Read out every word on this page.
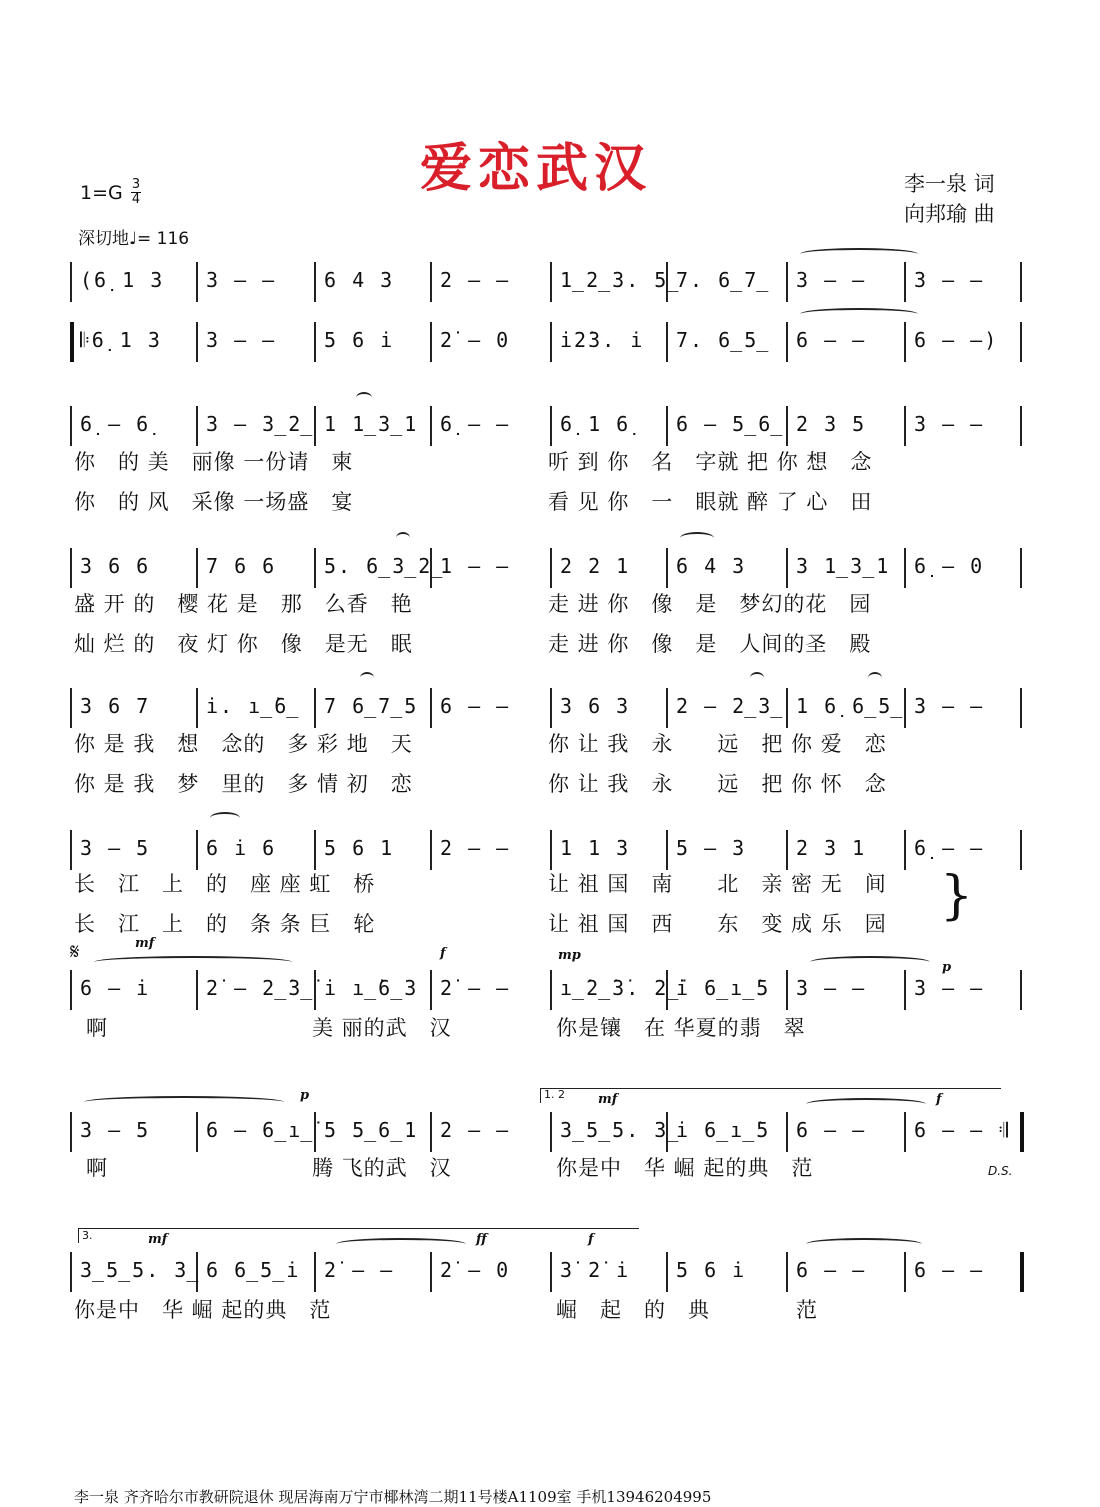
爱恋武汉
1=G 3
4
深切地♩= 116
李一泉 词
向邦瑜 曲
(6̣ 1 3 3 – – 6 4 3 2 – – 1̲2̲3. 5̲
7. 6̲7̲ 3 – – 3 – –
𝄆6̣ 1 3 3 – – 5 6 i̇ 2̇ – 0 i̇2̇3. i̇ 7. 6̲5̲ 6 – – 6 – –)
6̣ – 6̣	3 – 3̲2̲ 1 1̲3̲1 6̣ – – 6̣ 1 6̣ 6 – 5̲6̲ 2 3 5 3 – –
3 6 6	7 6 6 5. 6̲3̲2̲
1 – – 2 2 1 6 4 3 3 1̲3̲1 6̣ – 0
3 6 7	i̇. i̲̇6̲ 7 6̲7̲5 6 – – 3 6 3 2 – 2̲3̲ 1 6̣ 6̲5̲ 3 – –
3 – 5	6 i̇ 6 5 6 1 2 – – 1 1 3 5 – 3 2 3 1 6̣ – –
6 – i̇	2̇ – 2̲̇3̲̇ i̇ i̲̇6̲3 2̇ – – i̲̇2̲̇3̇. 2̲̇
i̇ 6̲i̲̇5 3 – – 3 – –
3 – 5	6 – 6̲i̲̇ 5 5̲6̲1 2 – – 3̲5̲5. 3̲
i̇ 6̲i̲̇5 6 – – 6 – – 𝄇
3̲5̲5. 3̲ 6 6̲5̲i̇ 2̇ – – 2̇ – 0 3̇ 2̇ i̇ 5 6 i̇ 6 – – 6 – –
𝄋
}
D.S.
1. 2
3.
mf
f	mp
p
p	mf	f
mf	ff	f
李一泉 齐齐哈尔市教研院退休 现居海南万宁市椰林湾二期11号楼A1109室 手机13946204995
你　的 美　丽像 一份请　柬	听 到 你　名　字就 把 你 想　念
你　的 风　采像 一场盛　宴	看 见 你　一　眼就 醉 了 心　田
盛 开 的　樱 花 是　那　么香　艳	走 进 你　像　是　梦幻的花　园
灿 烂 的　夜 灯 你　像　是无　眠	走 进 你　像　是　人间的圣　殿
你 是 我　想　念的　多 彩 地　天	你 让 我　永　　远　把 你 爱　恋
你 是 我　梦　里的　多 情 初　恋	你 让 我　永　　远　把 你 怀　念
长　江　上　的　座 座 虹　桥	让 祖 国　南　　北　亲 密 无　间
长　江　上　的　条 条 巨　轮	让 祖 国　西　　东　变 成 乐　园
啊	美 丽的武　汉	你是镶　在 华夏的翡　翠
啊	腾 飞的武　汉	你是中　华 崛 起的典　范
你是中　华 崛 起的典　范	崛　起　的　典	范
